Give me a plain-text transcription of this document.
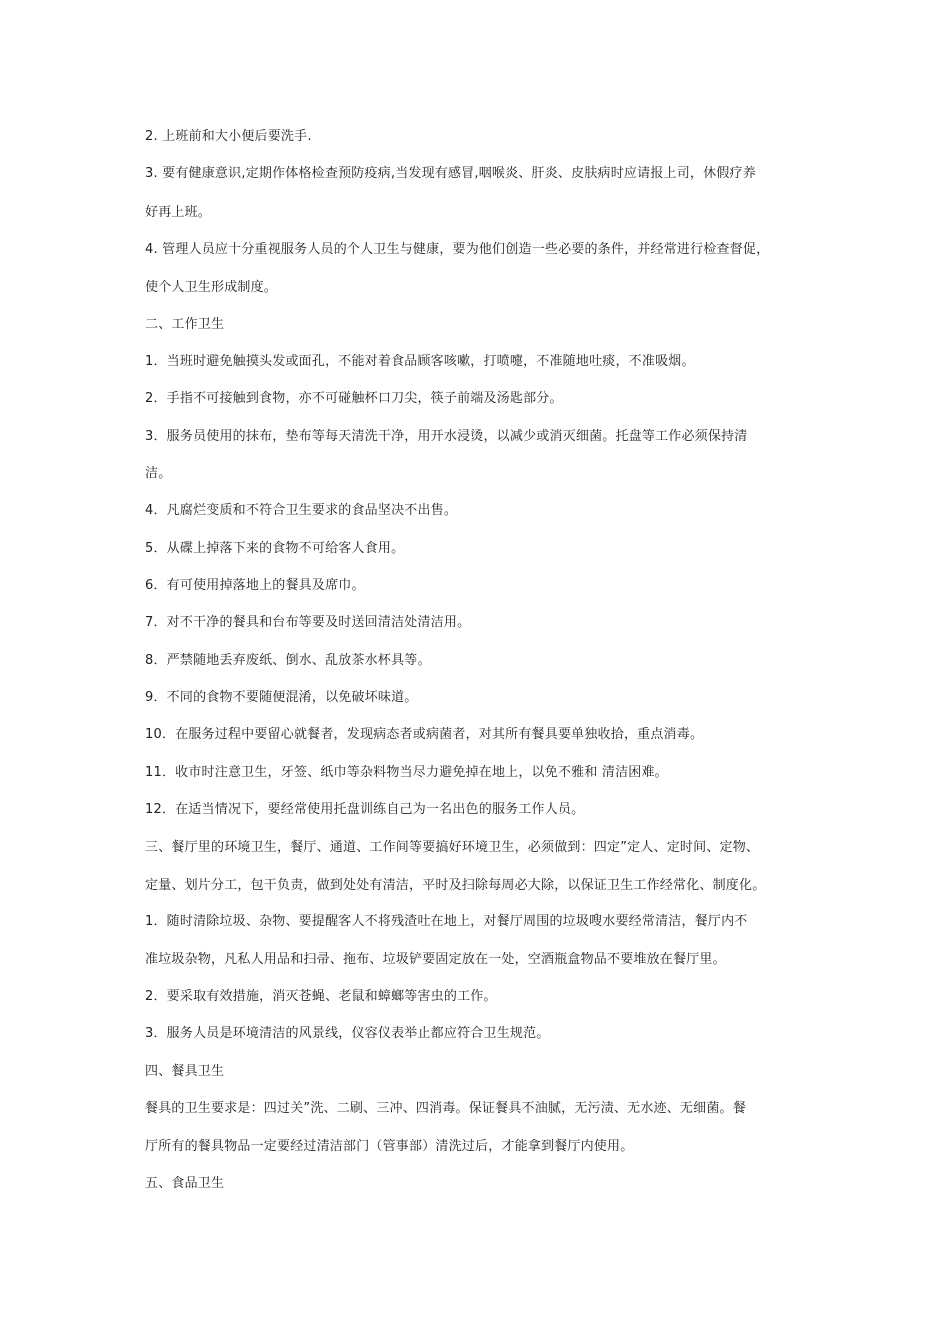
2. 上班前和大小便后要洗手.
3. 要有健康意识,定期作体格检查预防疫病,当发现有感冒,咽喉炎、肝炎、皮肤病时应请报上司，休假疗养
好再上班。
4. 管理人员应十分重视服务人员的个人卫生与健康，要为他们创造一些必要的条件，并经常进行检查督促，
使个人卫生形成制度。
二、工作卫生
1．当班时避免触摸头发或面孔，不能对着食品顾客咳嗽，打喷嚏，不准随地吐痰，不准吸烟。
2．手指不可接触到食物，亦不可碰触杯口刀尖，筷子前端及汤匙部分。
3．服务员使用的抹布，垫布等每天清洗干净，用开水浸烫，以减少或消灭细菌。托盘等工作必须保持清
洁。
4．凡腐烂变质和不符合卫生要求的食品坚决不出售。
5．从碟上掉落下来的食物不可给客人食用。
6．有可使用掉落地上的餐具及席巾。
7．对不干净的餐具和台布等要及时送回清洁处清洁用。
8．严禁随地丢弃废纸、倒水、乱放茶水杯具等。
9．不同的食物不要随便混淆，以免破坏味道。
10．在服务过程中要留心就餐者，发现病态者或病菌者，对其所有餐具要单独收拾，重点消毒。
11．收市时注意卫生，牙签、纸巾等杂料物当尽力避免掉在地上，以免不雅和 清洁困难。
12．在适当情况下，要经常使用托盘训练自己为一名出色的服务工作人员。
三、餐厅里的环境卫生，餐厅、通道、工作间等要搞好环境卫生，必须做到：四定”定人、定时间、定物、
定量、划片分工，包干负责，做到处处有清洁，平时及扫除每周必大除，以保证卫生工作经常化、制度化。
1．随时清除垃圾、杂物、要提醒客人不将残渣吐在地上，对餐厅周围的垃圾嗖水要经常清洁，餐厅内不
准垃圾杂物，凡私人用品和扫帚、拖布、垃圾铲要固定放在一处，空酒瓶盒物品不要堆放在餐厅里。
2．要采取有效措施，消灭苍蝇、老鼠和蟑螂等害虫的工作。
3．服务人员是环境清洁的风景线，仪容仪表举止都应符合卫生规范。
四、餐具卫生
餐具的卫生要求是：四过关”洗、二刷、三冲、四消毒。保证餐具不油腻，无污渍、无水迹、无细菌。餐
厅所有的餐具物品一定要经过清洁部门（管事部）清洗过后，才能拿到餐厅内使用。
五、食品卫生
